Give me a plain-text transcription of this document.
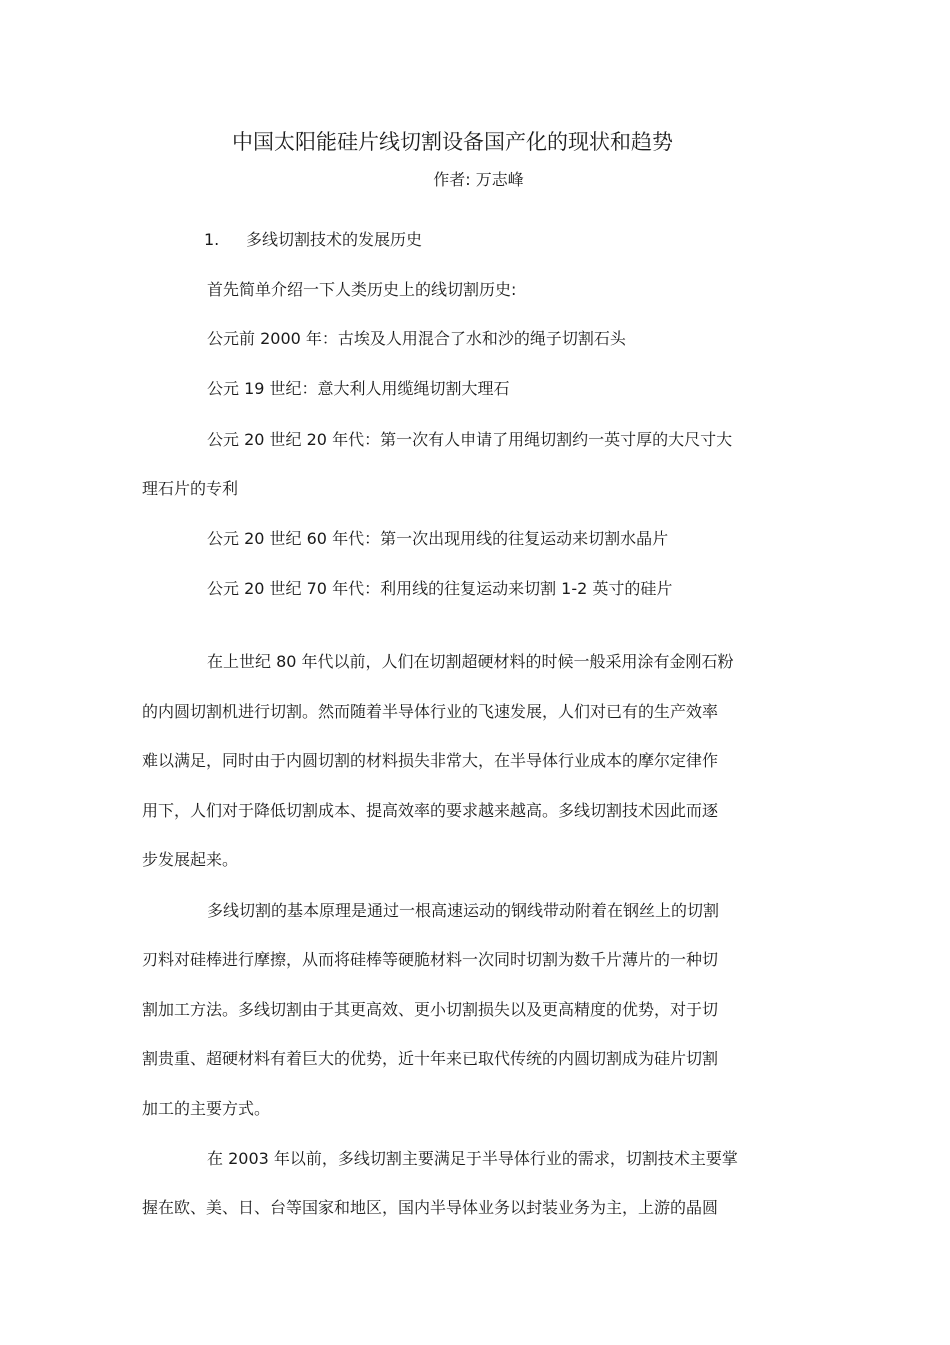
中国太阳能硅片线切割设备国产化的现状和趋势
作者: 万志峰
1. 多线切割技术的发展历史
首先简单介绍一下人类历史上的线切割历史:
公元前 2000 年：古埃及人用混合了水和沙的绳子切割石头
公元 19 世纪：意大利人用缆绳切割大理石
公元 20 世纪 20 年代：第一次有人申请了用绳切割约一英寸厚的大尺寸大
理石片的专利
公元 20 世纪 60 年代：第一次出现用线的往复运动来切割水晶片
公元 20 世纪 70 年代：利用线的往复运动来切割 1-2 英寸的硅片
在上世纪 80 年代以前，人们在切割超硬材料的时候一般采用涂有金刚石粉
的内圆切割机进行切割。然而随着半导体行业的飞速发展，人们对已有的生产效率
难以满足，同时由于内圆切割的材料损失非常大，在半导体行业成本的摩尔定律作
用下，人们对于降低切割成本、提高效率的要求越来越高。多线切割技术因此而逐
步发展起来。
多线切割的基本原理是通过一根高速运动的钢线带动附着在钢丝上的切割
刃料对硅棒进行摩擦，从而将硅棒等硬脆材料一次同时切割为数千片薄片的一种切
割加工方法。多线切割由于其更高效、更小切割损失以及更高精度的优势，对于切
割贵重、超硬材料有着巨大的优势，近十年来已取代传统的内圆切割成为硅片切割
加工的主要方式。
在 2003 年以前，多线切割主要满足于半导体行业的需求，切割技术主要掌
握在欧、美、日、台等国家和地区，国内半导体业务以封装业务为主，上游的晶圆
